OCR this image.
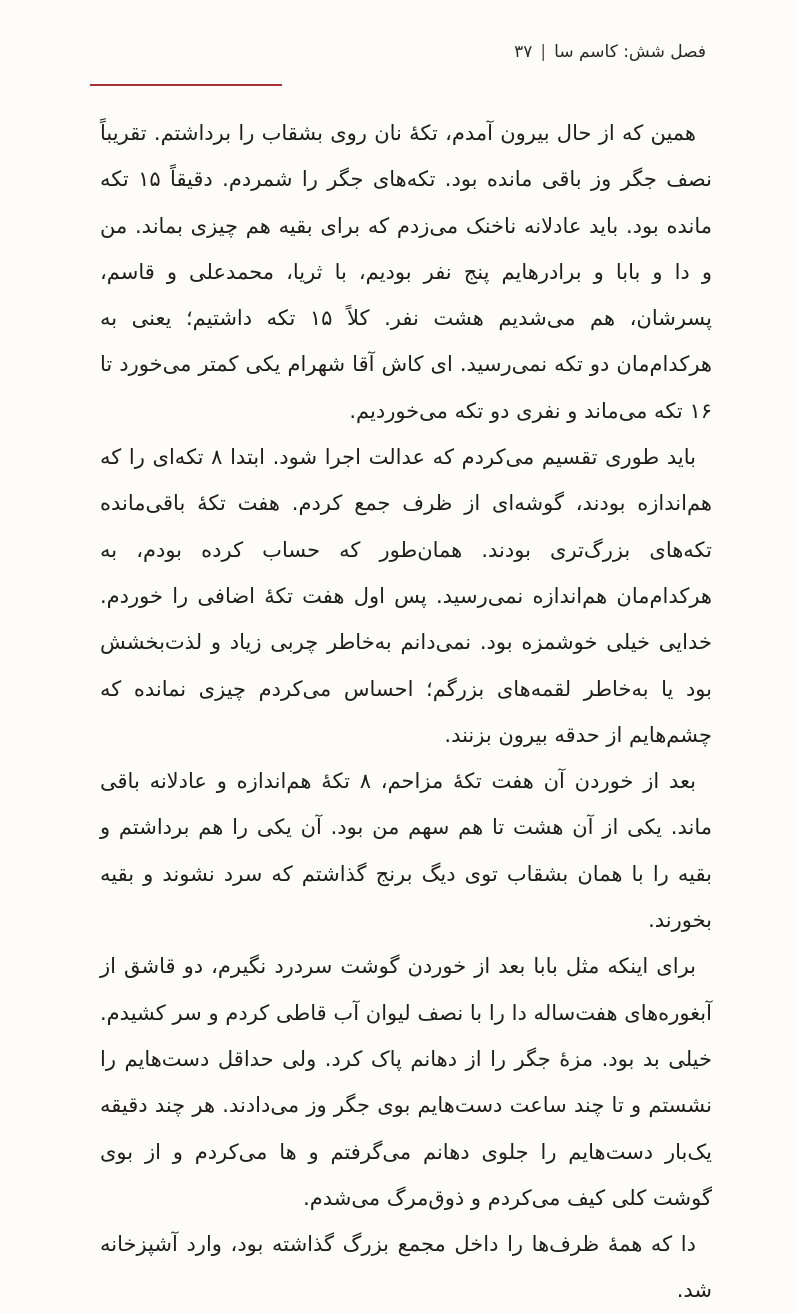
فصل شش: کاسم سا
|
۳۷

همین که از حال بیرون آمدم، تکهٔ نان روی بشقاب را برداشتم. تقریباً نصف جگر وز باقی مانده بود. تکه‌های جگر را شمردم. دقیقاً ۱۵ تکه مانده بود. باید عادلانه ناخنک می‌زدم که برای بقیه هم چیزی بماند. من و دا و بابا و برادرهایم پنج نفر بودیم، با ثریا، محمدعلی و قاسم، پسرشان، هم می‌شدیم هشت نفر. کلاً ۱۵ تکه داشتیم؛ یعنی به هرکدام‌مان دو تکه نمی‌رسید. ای کاش آقا شهرام یکی کمتر می‌خورد تا ۱۶ تکه می‌ماند و نفری دو تکه می‌خوردیم.

باید طوری تقسیم می‌کردم که عدالت اجرا شود. ابتدا ۸ تکه‌ای را که هم‌اندازه بودند، گوشه‌ای از ظرف جمع کردم. هفت تکهٔ باقی‌مانده تکه‌های بزرگ‌تری بودند. همان‌طور که حساب کرده بودم، به هرکدام‌مان هم‌اندازه نمی‌رسید. پس اول هفت تکهٔ اضافی را خوردم. خدایی خیلی خوشمزه بود. نمی‌دانم به‌خاطر چربی زیاد و لذت‌بخشش بود یا به‌خاطر لقمه‌های بزرگم؛ احساس می‌کردم چیزی نمانده که چشم‌هایم از حدقه بیرون بزنند.

بعد از خوردن آن هفت تکهٔ مزاحم، ۸ تکهٔ هم‌اندازه و عادلانه باقی ماند. یکی از آن هشت تا هم سهم من بود. آن یکی را هم برداشتم و بقیه را با همان بشقاب توی دیگ برنج گذاشتم که سرد نشوند و بقیه بخورند.

برای اینکه مثل بابا بعد از خوردن گوشت سردرد نگیرم، دو قاشق از آبغوره‌های هفت‌ساله دا را با نصف لیوان آب قاطی کردم و سر کشیدم. خیلی بد بود. مزهٔ جگر را از دهانم پاک کرد. ولی حداقل دست‌هایم را نشستم و تا چند ساعت دست‌هایم بوی جگر وز می‌دادند. هر چند دقیقه یک‌بار دست‌هایم را جلوی دهانم می‌گرفتم و ها می‌کردم و از بوی گوشت کلی کیف می‌کردم و ذوق‌مرگ می‌شدم.

دا که همهٔ ظرف‌ها را داخل مجمع بزرگ گذاشته بود، وارد آشپزخانه شد.
